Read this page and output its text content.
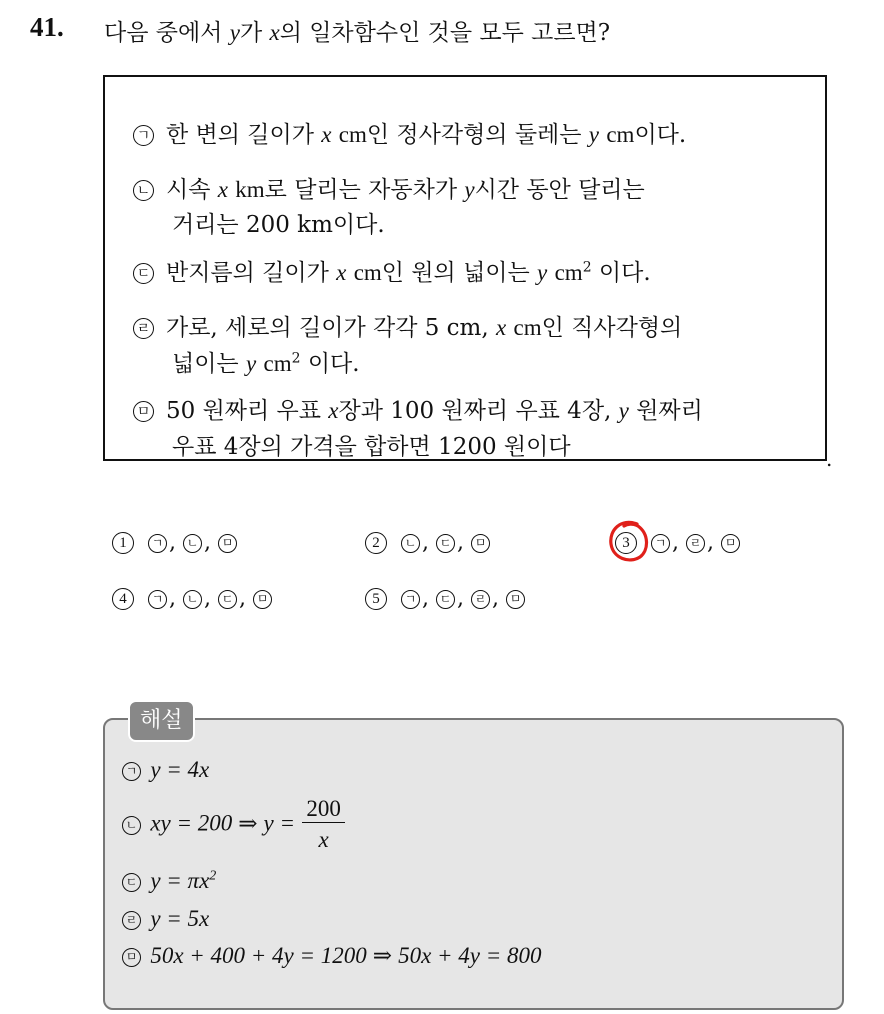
41. 다음 중에서 y가 x의 일차함수인 것을 모두 고르면?
ㄱ 한 변의 길이가 x cm인 정사각형의 둘레는 y cm이다.
ㄴ 시속 x km로 달리는 자동차가 y시간 동안 달리는
거리는 200 km이다.
ㄷ 반지름의 길이가 x cm인 원의 넓이는 y $cm^2$ 이다.
ㄹ 가로, 세로의 길이가 각각 5 cm, x cm인 직사각형의
넓이는 y $cm^2$ 이다.
ㅁ 50 원짜리 우표 x장과 100 원짜리 우표 4장, y 원짜리
우표 4장의 가격을 합하면 1200 원이다	.
1 ㄱ , ㄴ , ㅁ	2 ㄴ , ㄷ , ㅁ	3 ㄱ , ㄹ , ㅁ
4 ㄱ , ㄴ , ㄷ , ㅁ	5 ㄱ , ㄷ , ㄹ , ㅁ
해설
ㄱ y = 4x
ㄴ xy = 200 ⇒ $y = \frac{200}{x}$
ㄷ $y = \pi x^2$
ㄹ y = 5x
ㅁ 50x + 400 + 4y = 1200 ⇒ 50x + 4y = 800
